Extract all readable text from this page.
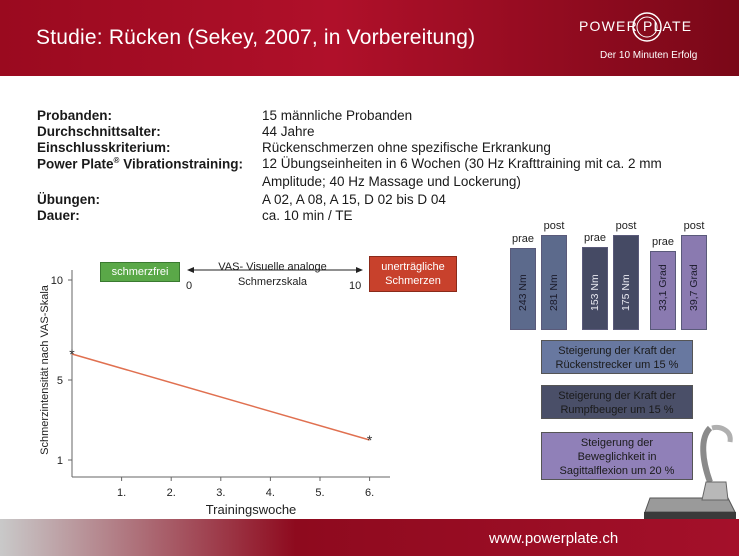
Studie: Rücken (Sekey, 2007, in Vorbereitung)	POWER PLATE
Der 10 Minuten Erfolg
Probanden:	15 männliche Probanden
Durchschnittsalter:	44 Jahre
Einschlusskriterium:	Rückenschmerzen ohne spezifische Erkrankung
Power Plate® Vibrationstraining: 12 Übungseinheiten in 6 Wochen (30 Hz Krafttraining mit ca. 2 mm
Amplitude; 40 Hz Massage und Lockerung)
Übungen:	A 02, A 08, A 15, D 02 bis D 04
Dauer:	ca. 10 min / TE
schmerzfrei	VAS- Visuelle analoge
Schmerzskala
0	10
unerträgliche
Schmerzen
1
5
10
1.	2.	3.	4.	5.	6.
Trainingswoche
Schmerzintensität nach VAS-Skala *
*
243 Nm
prae
281 Nm
post
153 Nm
prae
175 Nm
post
33,1 Grad
prae
39,7 Grad
post
Steigerung der Kraft der
Rückenstrecker um 15 %
Steigerung der Kraft der
Rumpfbeuger um 15 %
Steigerung der
Beweglichkeit in
Sagittalflexion um 20 %
www.powerplate.ch
